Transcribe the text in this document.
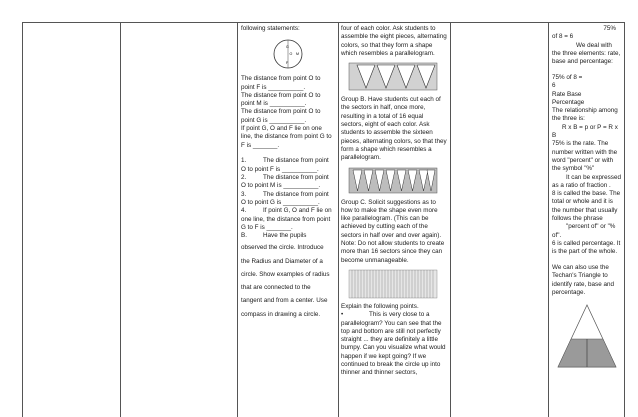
following statements:
G
O
F
M

The distance from point O to point F is __________.

The distance from point O to point M is __________.

The distance from point O to point G is __________.

If point G, O and F lie on one line, the distance from point G to F is _______.

1.	The distance from point O to point F is __________.

2.	The distance from point O to point M is __________.

3.	The distance from point O to point G is __________.

4.	If point G, O and F lie on one line, the distance from point G to F is _______.

B.	Have the pupils

observed the circle. Introduce
the Radius and Diameter of a
circle. Show examples of radius
that are connected to the
tangent and from a center. Use
compass in drawing a circle.

four of each color. Ask students to assemble the eight pieces, alternating colors, so that they form a shape which resembles a parallelogram.

Group B. Have students cut each of the sectors in half, once more, resulting in a total of 16 equal sectors, eight of each color. Ask students to assemble the sixteen pieces, alternating colors, so that they form a shape which resembles a parallelogram.

Group C. Solicit suggestions as to how to make the shape even more like parallelogram. (This can be achieved by cutting each of the sectors in half over and over again). Note: Do not allow students to create more than 16 sectors since they can become unmanageable.

Explain the following points.

•	This is very close to a parallelogram? You can see that the top and bottom are still not perfectly straight ... they are definitely a little bumpy. Can you visualize what would happen if we kept going? If we continued to break the circle up into thinner and thinner sectors,

75%

of 8 = 6

We deal with the three elements: rate, base and percentage:

75% of 8 =

6

Rate Base

Percentage

The relationship among the three is:

R x B = p or P = R x B

75% is the rate. The number written with the word "percent" or with the symbol "%"

It can be expressed as a ratio of fraction .

8 is called the base. The total or whole and it is the number that usually follows the phrase

"percent of" or "% of".

6 is called percentage. It is the part of the whole.

We can also use the Techan's Triangle to identify rate, base and percentage.
